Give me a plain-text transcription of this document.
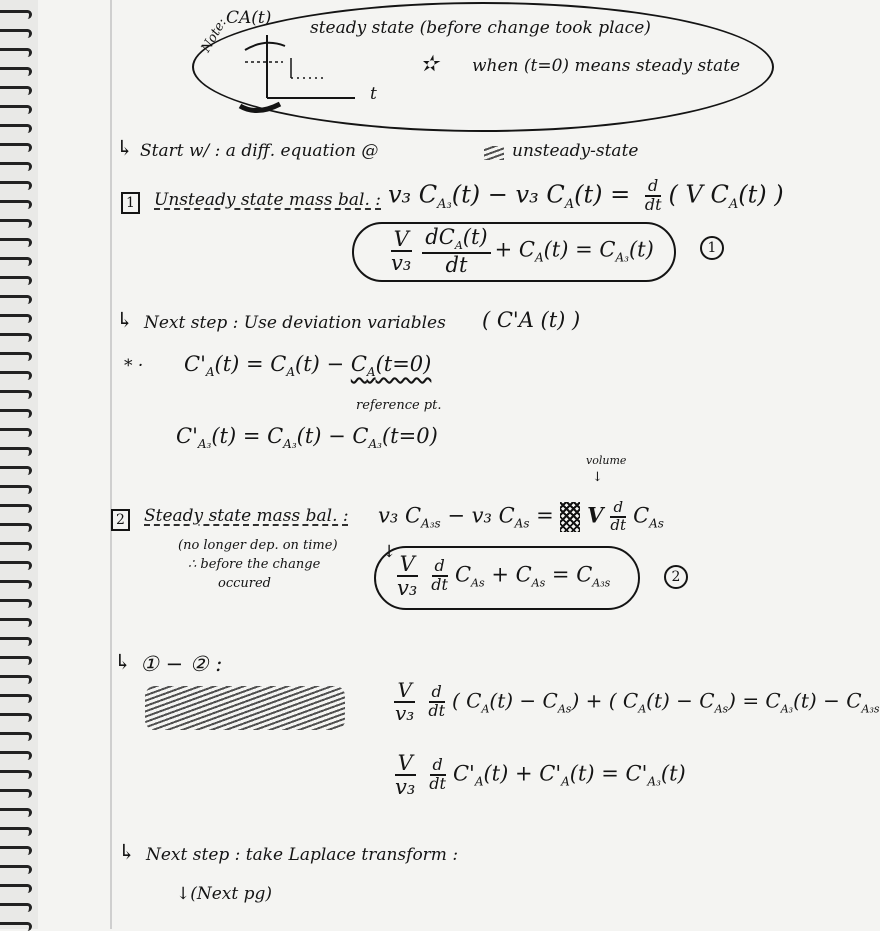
Note:
CA(t)
t
steady state (before change took place)
✫ when (t=0) means steady state
↳ Start w/ : a diff. equation @	unsteady-state
1 Unsteady state mass bal. : v₃ $C_{A_3}(t) - v_3$ $C_A(t) = \frac{d}{dt}$ ( V $C_A(t)$ )
$\frac{V}{\text{v₃}} \frac{dC_A(t)}{dt} + C_A(t) = C_{A_3}(t)$	1
↳ Next step : Use deviation variables ( C'A (t) )
* · $C'_A(t) = C_A(t) - C_A(t=0)$
reference pt.
$C'_{A_3}(t) = C_{A_3}(t) - C_{A_3}(t=0)$
volume
↓
2 Steady state mass bal. :
(no longer dep. on time)
∴ before the change
occured
v₃ $C_{A_3s} - v_3$ $C_{As} = V \frac{d}{dt} C_{As}$
↓
$\frac{V}{\text{v₃}} \frac{d}{dt} C_{As} + C_{As} = C_{A_3s}$	2
↳ ① − ② :
$\frac{V}{\text{v₃}} \frac{d}{dt}$ ( $C_A(t) - C_{As}$) + ( $C_A(t) - C_{As}) = C_{A_3}(t) - C_{A_3s}$
$\frac{V}{\text{v₃}} \frac{d}{dt} C'_A(t) + C'_A(t) = C'_{A_3}(t)$
↳ Next step : take Laplace transform :
↓(Next pg)
